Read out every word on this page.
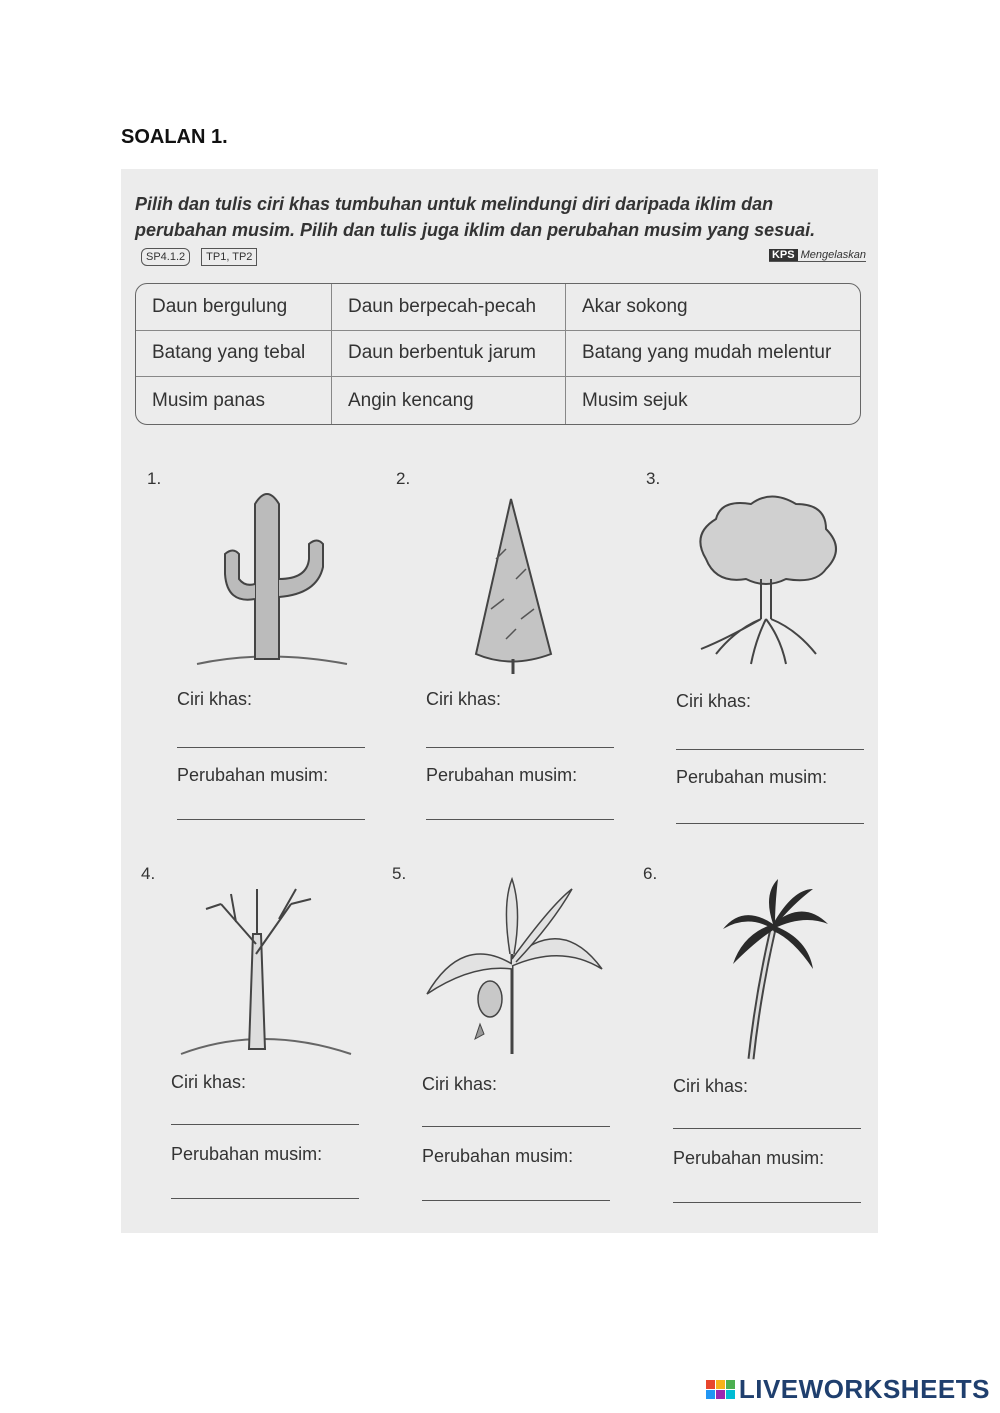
SOALAN 1.
Pilih dan tulis ciri khas tumbuhan untuk melindungi diri daripada iklim dan perubahan musim. Pilih dan tulis juga iklim dan perubahan musim yang sesuai. SP4.1.2 TP1, TP2	KPS Mengelaskan
Daun bergulung	Daun berpecah-pecah	Akar sokong
Batang yang tebal	Daun berbentuk jarum	Batang yang mudah melentur
Musim panas	Angin kencang	Musim sejuk
1.
Ciri khas:
Perubahan musim:
2.
Ciri khas:
Perubahan musim:
3.
Ciri khas:
Perubahan musim:
4.
Ciri khas:
Perubahan musim:
5.
Ciri khas:
Perubahan musim:
6.
Ciri khas:
Perubahan musim:
LIVEWORKSHEETS
